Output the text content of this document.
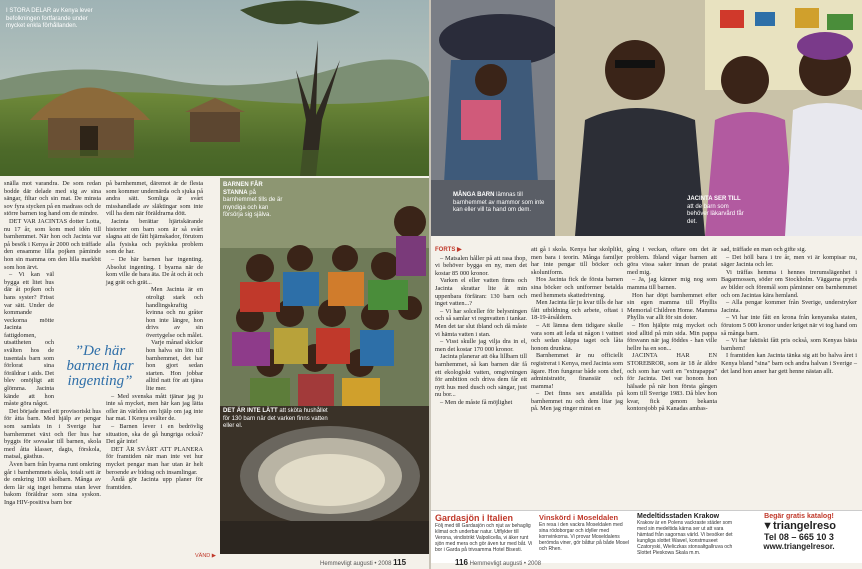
I STORA DELAR av Kenya lever befolkningen fortfarande under mycket enkla förhållanden.

snälla mot varandra. De som redan bodde där delade med sig av sina sängar, filtar och sin mat. De minsta sov fyra stycken på en madrass och de större barnen tog hand om de mindre.

DET VAR JACINTAS dotter Lotta, nu 17 år, som kom med idén till barnhemmet. När hon och Jacinta var på besök i Kenya år 2000 och träffade den ensamme lilla pojken påminde hon sin mamma om den lilla markbit som hon ärvt.

– Vi kan väl bygga ett litet hus där åt pojken och hans syster? Frisst var sätt. Under de kommande veckorna mötte Jacinta fattigdomen, utsattheten och svälten hos de tusentals barn som förlorat sina föräldrar i aids. Det blev omöjligt att glömma. Jacinta kände att hon måste göra något.

Det började med ett provisoriskt hus för åtta barn. Med hjälp av pengar som samlats in i Sverige har barnhemmet växt och fler hus har byggts för sovsalar till barnen, skola med åtta klasser, dagis, förskola, matsal, gästhus.

Även barn från byarna runt omkring går i barnhemmets skola, totalt sett är de omkring 100 skolbarn. Många av dem lär sig inget hemma utan lever bakom föräldrar som sina syskon. Inga HIV-positiva barn bor

”De här barnen har ingenting”

på barnhemmet, däremot är de flesta som kommer undernärda och sjuka på andra sätt. Somliga är svårt misshandlade av släktingar som inte vill ha dem när föräldrarna dött.

Jacinta berättar hjärtskärande historier om barn som är så svårt slagna att de fått hjärnskador, förutom alla fysiska och psykiska problem som de har.

– De här barnen har ingenting. Absolut ingenting. I byarna när de kom ville de bara äta. De åt och åt och jag grät och grät...

Men Jacinta är en otroligt stark och handlingskraftig kvinna och nu gråter hon inte längre, hon drivs av sin övertygelse och målet.

Varje månad skickar hon halva sin lön till barnhemmet, det har hon gjort sedan starten. Hon jobbar alltid natt för att tjäna lite mer.

– Med svenska mått tjänar jag ju inte så mycket, men här kan jag lätta ofler än världen om hjälp om jag inte har mat. I Kenya svälter de.

– Barnen lever i en bedrövlig situation, ska de gå hungriga också? Det går inte!

DET ÄR SVÅRT ATT PLANERA för framtiden när man inte vet hur mycket pengar man har utan är helt beroende av bidrag och insamlingar.

Ändå gör Jacinta upp planer för framtiden.

BARNEN FÅR STANNA på barnhemmet tills de är myndiga och kan försörja sig själva.
DET ÄR INTE LÄTT att sköta hushållet för 130 barn när det varken finns vatten eller el.
VÄND ▶
Hemmevligt augusti • 2008 115
MÅNGA BARN lämnas till barnhemmet av mammor som inte kan eller vill ta hand om dem.
JACINTA SER TILL att de barn som behöver läkarvård får det.

FORTS ▶

– Matsalen håller på att rasa ihop, vi behöver bygga en ny, men det kostar 85 000 kronor.

Varken el eller vatten finns och Jacinta skrattar lite åt min uppenbara förfäran: 130 barn och inget vatten...?

– Vi har solceller för belysningen och så samlar vi regnvatten i tankar. Men det tar slut ibland och då måste vi hämta vatten i stan.

– Visst skulle jag vilja dra in el, men det kostar 170 000 kronor.

Jacinta planerar att öka lillbarn till barnhemmet, så kan barnen där få ett ekologiskt vatten, omgivningen för ambition och driva dem får ett nytt hus med dusch och sängar, just nu bor...

– Men de måste få möjlighet

att gå i skola. Kenya har skolplikt, men bara i teorin. Många familjer har inte pengar till böcker och skoluniform.

Hos Jacinta fick de första barnen sina böcker och uniformer betalda med hemmets skattedrivning.

Men Jacinta får ju kvar tills de har fått utbildning och arbete, oftast i 18-19-årsåldern.

– Att lämna dem tidigare skulle vara som att leda ut någon i vattnet och sedan släppa taget och låta honom drunkna.

Barnhemmet är nu officiellt registrerat i Kenya, med Jacinta som ägare. Hon fungerar både som chef, administratör, finansiär och mamma!

– Det finns sex anställda på barnhemmet nu och dem litar jag på. Men jag ringer minst en

gång i veckan, oftare om det är problem. Ibland vågar barnen att göra vissa saker innan de pratat med mig.

– Ja, jag känner mig nog som mamma till barnen.

Hon har döpt barnhemmet efter sin egen mamma till Phyllis Memorial Children Home. Mamma Phyllis var allt för sin doter.

– Hon hjälpte mig mycket och stod alltid på min sida. Min pappa försvann när jag föddes - han ville hellre ha en son...

JACINTA HAR EN STOREBROR, som är 18 år äldre och som har varit en "extrapappa" för Jacinta. Det var honom hon hälsade på när hon första gången kom till Sverige 1983. Då blev hon kvar, fick genom bekanta kontorsjobb på Kanadas ambas-

sad, träffade en man och gifte sig.

– Det höll bara i tre år, men vi är kompisar nu, säger Jacinta och ler.

Vi träffas hemma i hennes trerumslägenhet i Bagarmossen, söder om Stockholm. Väggarna pryds av bilder och föremål som påminner om barnhemmet och om Jacintas kära hemland.

– Alla pengar kommer från Sverige, understryker Jacinta.

– Vi har inte fått en krona från kenyanska staten, förutom 5 000 kronor under kriget när vi tog hand om så många barn.

– Vi har faktiskt fått pris också, som Kenyas bästa barnhem!

I framtiden kan Jacinta tänka sig att bo halva året i Kenya bland "sina" barn och andra halvan i Sverige – det land hon anser har gett henne nästan allt.

Gardasjön i Italien
Följ med till Gardasjön och njut av behaglig klimat och underbar natur. Utflykter till Verona, vindistrikt Valpolicella, vi äker runt sjön med mera och gör även tur med båt. Vi bor i Garda på trivsamma Hotel Bisesti.
Vinskörd i Moseldalen
En resa i den vackra Moseldalen med sina rödoborgar och idyller med kornvinkorna. Vi provar Moseldalens berömda viner, gör båttur på både Mosel och Rhen.
Medeltidsstaden Krakow
Krakow är en Polens vackraste städer som med sin medeltida kärna ser ut att vara hämtad från sagornas värld. Vi besöker det kungliga slottet Wawel, konstmuseet Czatoryski, Wieliczkas stonsaltgallruva och Slottet Pieskowa Skala m.m.
Begär gratis katalog!
▼triangelreso
Tel 08 – 665 10 3
www.triangelresor.
116 Hemmevligt augusti • 2008
